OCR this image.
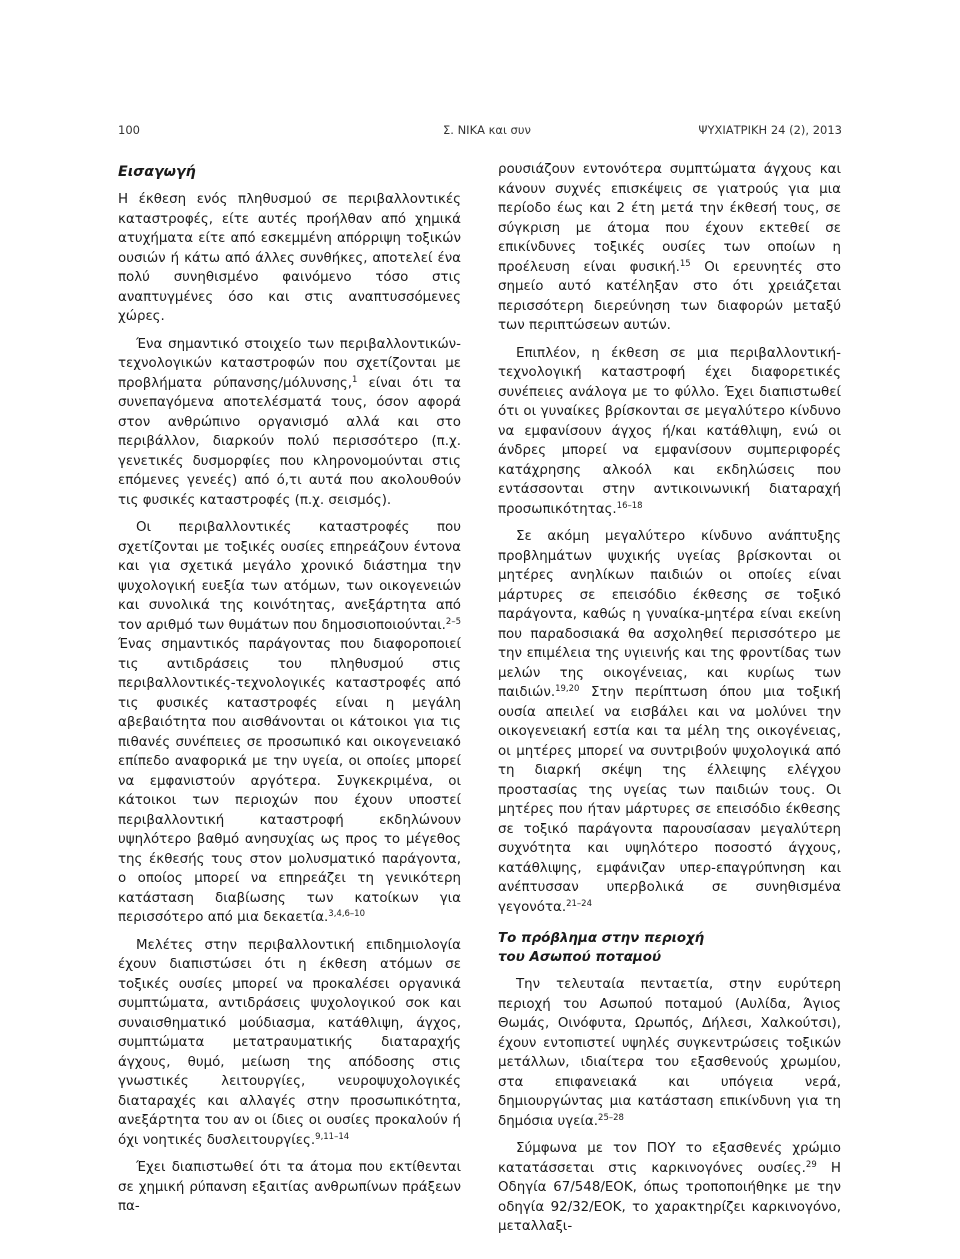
100	Σ. ΝΙΚΑ και συν	ΨΥΧΙΑΤΡΙΚΗ 24 (2), 2013
Εισαγωγή

Η έκθεση ενός πληθυσμού σε περιβαλλοντικές καταστροφές, είτε αυτές προήλθαν από χημικά ατυχήματα είτε από εσκεμμένη απόρριψη τοξικών ουσιών ή κάτω από άλλες συνθήκες, αποτελεί ένα πολύ συνηθισμένο φαινόμενο τόσο στις αναπτυγμένες όσο και στις αναπτυσσόμενες χώρες.

Ένα σημαντικό στοιχείο των περιβαλλοντικών-τεχνολογικών καταστροφών που σχετίζονται με προβλήματα ρύπανσης/μόλυνσης,$^1$ είναι ότι τα συνεπαγόμενα αποτελέσματά τους, όσον αφορά στον ανθρώπινο οργανισμό αλλά και στο περιβάλλον, διαρκούν πολύ περισσότερο (π.χ. γενετικές δυσμορφίες που κληρονομούνται στις επόμενες γενεές) από ό,τι αυτά που ακολουθούν τις φυσικές καταστροφές (π.χ. σεισμός).

Οι περιβαλλοντικές καταστροφές που σχετίζονται με τοξικές ουσίες επηρεάζουν έντονα και για σχετικά μεγάλο χρονικό διάστημα την ψυχολογική ευεξία των ατόμων, των οικογενειών και συνολικά της κοινότητας, ανεξάρτητα από τον αριθμό των θυμάτων που δημοσιοποιούνται.$^{2-5}$ Ένας σημαντικός παράγοντας που διαφοροποιεί τις αντιδράσεις του πληθυσμού στις περιβαλλοντικές-τεχνολογικές καταστροφές από τις φυσικές καταστροφές είναι η μεγάλη αβεβαιότητα που αισθάνονται οι κάτοικοι για τις πιθανές συνέπειες σε προσωπικό και οικογενειακό επίπεδο αναφορικά με την υγεία, οι οποίες μπορεί να εμφανιστούν αργότερα. Συγκεκριμένα, οι κάτοικοι των περιοχών που έχουν υποστεί περιβαλλοντική καταστροφή εκδηλώνουν υψηλότερο βαθμό ανησυχίας ως προς το μέγεθος της έκθεσής τους στον μολυσματικό παράγοντα, ο οποίος μπορεί να επηρεάζει τη γενικότερη κατάσταση διαβίωσης των κατοίκων για περισσότερο από μια δεκαετία.$^{3,4,6-10}$

Μελέτες στην περιβαλλοντική επιδημιολογία έχουν διαπιστώσει ότι η έκθεση ατόμων σε τοξικές ουσίες μπορεί να προκαλέσει οργανικά συμπτώματα, αντιδράσεις ψυχολογικού σοκ και συναισθηματικό μούδιασμα, κατάθλιψη, άγχος, συμπτώματα μετατραυματικής διαταραχής άγχους, θυμό, μείωση της απόδοσης στις γνωστικές λειτουργίες, νευροψυχολογικές διαταραχές και αλλαγές στην προσωπικότητα, ανεξάρτητα του αν οι ίδιες οι ουσίες προκαλούν ή όχι νοητικές δυσλειτουργίες.$^{9,11-14}$

Έχει διαπιστωθεί ότι τα άτομα που εκτίθενται σε χημική ρύπανση εξαιτίας ανθρωπίνων πράξεων πα-

ρουσιάζουν εντονότερα συμπτώματα άγχους και κάνουν συχνές επισκέψεις σε γιατρούς για μια περίοδο έως και 2 έτη μετά την έκθεσή τους, σε σύγκριση με άτομα που έχουν εκτεθεί σε επικίνδυνες τοξικές ουσίες των οποίων η προέλευση είναι φυσική.$^{15}$ Οι ερευνητές στο σημείο αυτό κατέληξαν στο ότι χρειάζεται περισσότερη διερεύνηση των διαφορών μεταξύ των περιπτώσεων αυτών.

Επιπλέον, η έκθεση σε μια περιβαλλοντική-τεχνολογική καταστροφή έχει διαφορετικές συνέπειες ανάλογα με το φύλλο. Έχει διαπιστωθεί ότι οι γυναίκες βρίσκονται σε μεγαλύτερο κίνδυνο να εμφανίσουν άγχος ή/και κατάθλιψη, ενώ οι άνδρες μπορεί να εμφανίσουν συμπεριφορές κατάχρησης αλκοόλ και εκδηλώσεις που εντάσσονται στην αντικοινωνική διαταραχή προσωπικότητας.$^{16-18}$

Σε ακόμη μεγαλύτερο κίνδυνο ανάπτυξης προβλημάτων ψυχικής υγείας βρίσκονται οι μητέρες ανηλίκων παιδιών οι οποίες είναι μάρτυρες σε επεισόδιο έκθεσης σε τοξικό παράγοντα, καθώς η γυναίκα-μητέρα είναι εκείνη που παραδοσιακά θα ασχοληθεί περισσότερο με την επιμέλεια της υγιεινής και της φροντίδας των μελών της οικογένειας, και κυρίως των παιδιών.$^{19,20}$ Στην περίπτωση όπου μια τοξική ουσία απειλεί να εισβάλει και να μολύνει την οικογενειακή εστία και τα μέλη της οικογένειας, οι μητέρες μπορεί να συντριβούν ψυχολογικά από τη διαρκή σκέψη της έλλειψης ελέγχου προστασίας της υγείας των παιδιών τους. Οι μητέρες που ήταν μάρτυρες σε επεισόδιο έκθεσης σε τοξικό παράγοντα παρουσίασαν μεγαλύτερη συχνότητα και υψηλότερο ποσοστό άγχους, κατάθλιψης, εμφάνιζαν υπερ-επαγρύπνηση και ανέπτυσσαν υπερβολικά σε συνηθισμένα γεγονότα.$^{21-24}$

Το πρόβλημα στην περιοχή του Ασωπού ποταμού

Την τελευταία πενταετία, στην ευρύτερη περιοχή του Ασωπού ποταμού (Αυλίδα, Άγιος Θωμάς, Οινόφυτα, Ωρωπός, Δήλεσι, Χαλκούτσι), έχουν εντοπιστεί υψηλές συγκεντρώσεις τοξικών μετάλλων, ιδιαίτερα του εξασθενούς χρωμίου, στα επιφανειακά και υπόγεια νερά, δημιουργώντας μια κατάσταση επικίνδυνη για τη δημόσια υγεία.$^{25-28}$

Σύμφωνα με τον ΠΟΥ το εξασθενές χρώμιο κατατάσσεται στις καρκινογόνες ουσίες.$^{29}$ Η Οδηγία 67/548/ΕΟΚ, όπως τροποποιήθηκε με την οδηγία 92/32/ΕΟΚ, το χαρακτηρίζει καρκινογόνο, μεταλλαξι-
